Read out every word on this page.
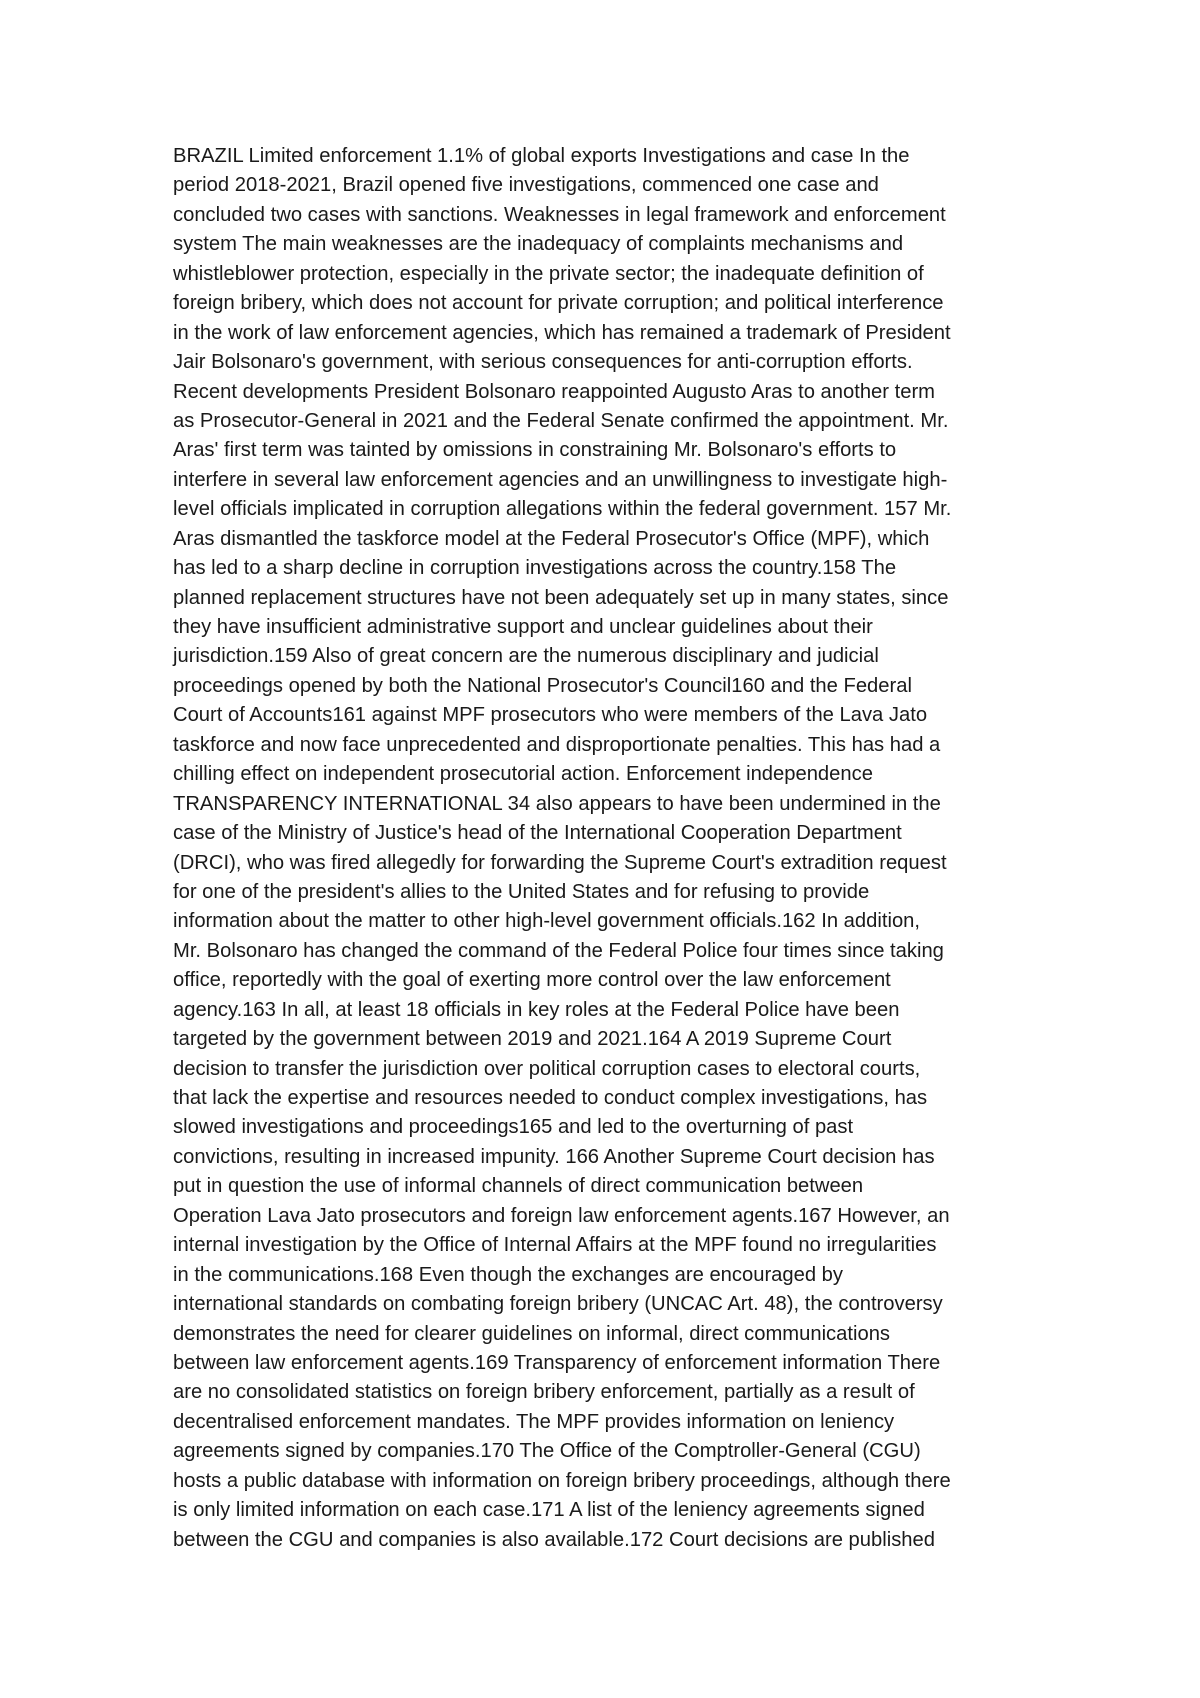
BRAZIL Limited enforcement 1.1% of global exports Investigations and case In the
period 2018-2021, Brazil opened five investigations, commenced one case and
concluded two cases with sanctions. Weaknesses in legal framework and enforcement
system The main weaknesses are the inadequacy of complaints mechanisms and
whistleblower protection, especially in the private sector; the inadequate definition of
foreign bribery, which does not account for private corruption; and political interference
in the work of law enforcement agencies, which has remained a trademark of President
Jair Bolsonaro's government, with serious consequences for anti-corruption efforts.
Recent developments President Bolsonaro reappointed Augusto Aras to another term
as Prosecutor-General in 2021 and the Federal Senate confirmed the appointment. Mr.
Aras' first term was tainted by omissions in constraining Mr. Bolsonaro's efforts to
interfere in several law enforcement agencies and an unwillingness to investigate high-
level officials implicated in corruption allegations within the federal government. 157 Mr.
Aras dismantled the taskforce model at the Federal Prosecutor's Office (MPF), which
has led to a sharp decline in corruption investigations across the country.158 The
planned replacement structures have not been adequately set up in many states, since
they have insufficient administrative support and unclear guidelines about their
jurisdiction.159 Also of great concern are the numerous disciplinary and judicial
proceedings opened by both the National Prosecutor's Council160 and the Federal
Court of Accounts161 against MPF prosecutors who were members of the Lava Jato
taskforce and now face unprecedented and disproportionate penalties. This has had a
chilling effect on independent prosecutorial action. Enforcement independence
TRANSPARENCY INTERNATIONAL 34 also appears to have been undermined in the
case of the Ministry of Justice's head of the International Cooperation Department
(DRCI), who was fired allegedly for forwarding the Supreme Court's extradition request
for one of the president's allies to the United States and for refusing to provide
information about the matter to other high-level government officials.162 In addition,
Mr. Bolsonaro has changed the command of the Federal Police four times since taking
office, reportedly with the goal of exerting more control over the law enforcement
agency.163 In all, at least 18 officials in key roles at the Federal Police have been
targeted by the government between 2019 and 2021.164 A 2019 Supreme Court
decision to transfer the jurisdiction over political corruption cases to electoral courts,
that lack the expertise and resources needed to conduct complex investigations, has
slowed investigations and proceedings165 and led to the overturning of past
convictions, resulting in increased impunity. 166 Another Supreme Court decision has
put in question the use of informal channels of direct communication between
Operation Lava Jato prosecutors and foreign law enforcement agents.167 However, an
internal investigation by the Office of Internal Affairs at the MPF found no irregularities
in the communications.168 Even though the exchanges are encouraged by
international standards on combating foreign bribery (UNCAC Art. 48), the controversy
demonstrates the need for clearer guidelines on informal, direct communications
between law enforcement agents.169 Transparency of enforcement information There
are no consolidated statistics on foreign bribery enforcement, partially as a result of
decentralised enforcement mandates. The MPF provides information on leniency
agreements signed by companies.170 The Office of the Comptroller-General (CGU)
hosts a public database with information on foreign bribery proceedings, although there
is only limited information on each case.171 A list of the leniency agreements signed
between the CGU and companies is also available.172 Court decisions are published
